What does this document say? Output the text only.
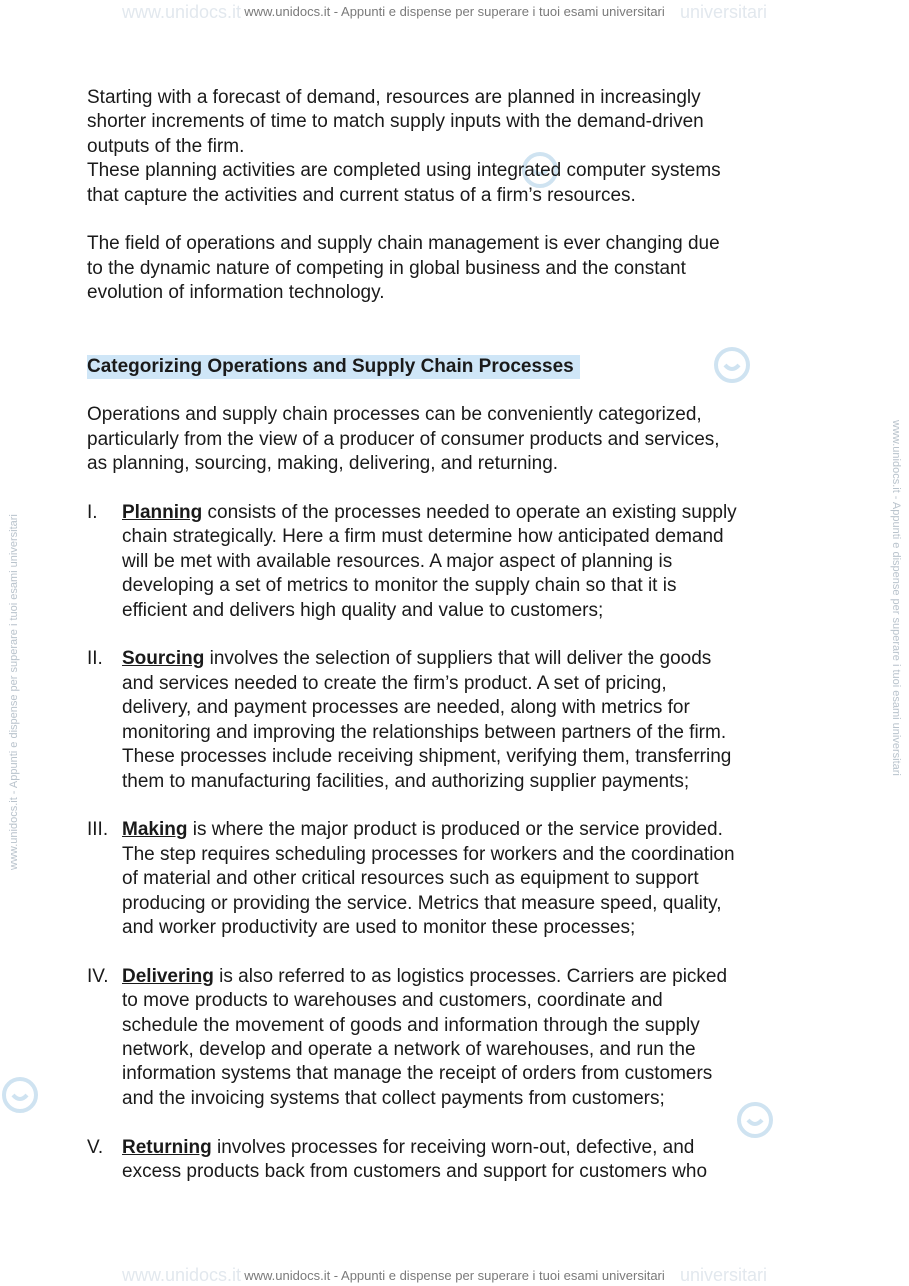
www.unidocs.it	universitari
www.unidocs.it - Appunti e dispense per superare i tuoi esami universitari
www.unidocs.it	universitari
www.unidocs.it - Appunti e dispense per superare i tuoi esami universitari
www.unidocs.it - Appunti e dispense per superare i tuoi esami universitari	www.unidocs.it - Appunti e dispense per superare i tuoi esami universitari

Starting with a forecast of demand, resources are planned in increasingly

shorter increments of time to match supply inputs with the demand-driven

outputs of the firm.

These planning activities are completed using integrated computer systems

that capture the activities and current status of a firm’s resources.

The field of operations and supply chain management is ever changing due

to the dynamic nature of competing in global business and the constant

evolution of information technology.

Categorizing Operations and Supply Chain Processes

Operations and supply chain processes can be conveniently categorized,

particularly from the view of a producer of consumer products and services,

as planning, sourcing, making, delivering, and returning.

I.	Planning consists of the processes needed to operate an existing supply

chain strategically. Here a firm must determine how anticipated demand

will be met with available resources. A major aspect of planning is

developing a set of metrics to monitor the supply chain so that it is

efficient and delivers high quality and value to customers;

II.	Sourcing involves the selection of suppliers that will deliver the goods

and services needed to create the firm’s product. A set of pricing,

delivery, and payment processes are needed, along with metrics for

monitoring and improving the relationships between partners of the firm.

These processes include receiving shipment, verifying them, transferring

them to manufacturing facilities, and authorizing supplier payments;

III. Making is where the major product is produced or the service provided.

The step requires scheduling processes for workers and the coordination

of material and other critical resources such as equipment to support

producing or providing the service. Metrics that measure speed, quality,

and worker productivity are used to monitor these processes;

IV. Delivering is also referred to as logistics processes. Carriers are picked

to move products to warehouses and customers, coordinate and

schedule the movement of goods and information through the supply

network, develop and operate a network of warehouses, and run the

information systems that manage the receipt of orders from customers

and the invoicing systems that collect payments from customers;

V. Returning involves processes for receiving worn-out, defective, and

excess products back from customers and support for customers who
